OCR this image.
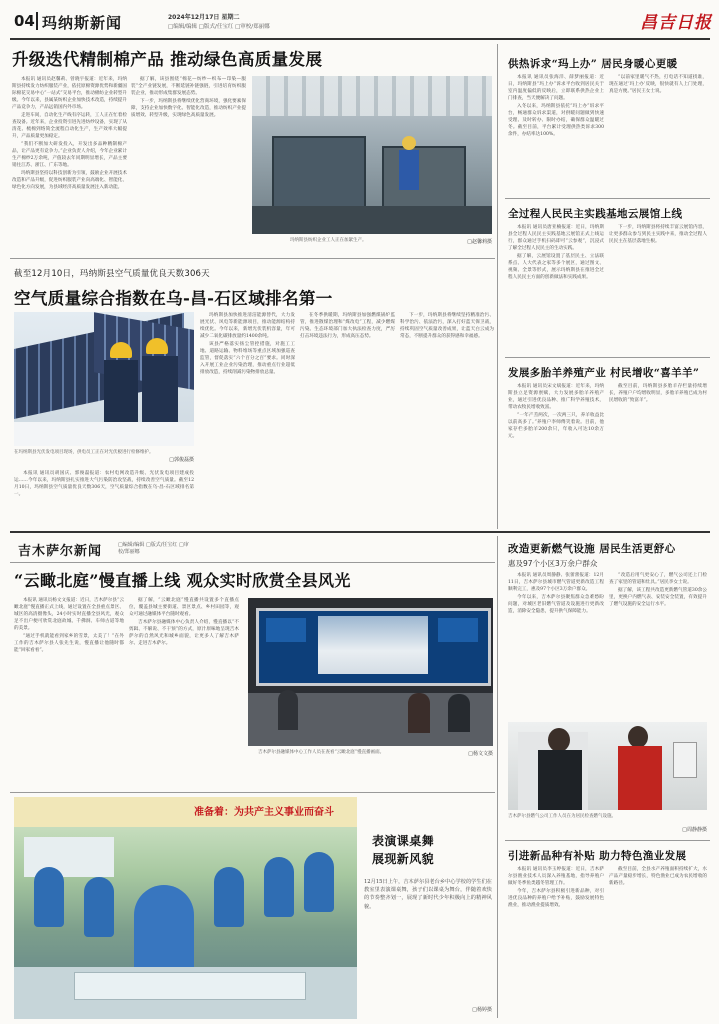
04 玛纳斯新闻	2024年12月17日 星期二
□编辑/编辑 □版式/任宝红 □审校/郑丽娜	昌吉日报
升级迭代精制棉产品 推动绿色高质量发展

本报讯 通讯员赵馨莉、曾晓宇报道：近年来，玛纳斯县持续发力纺织服装产业，依托原棉资源优势和新疆国际棉花交易中心“一站式”交易平台，推动棉纺企业转型升级。今年以来，县属某纺织企业加快技术改造，持续提升产品竞争力，产品远销国内外市场。

走进车间，自动化生产线有序运转，工人正在忙着检查设备。近年来，企业投资引进先进纺纱设备，实现了从清花、梳棉到络筒全流程自动化生产，生产效率大幅提升，产品质量更加稳定。

“我们不断加大研发投入，开发出多品种精制棉产品，让产品更有竞争力。”企业负责人介绍，今年企业累计生产棉纱2万余吨，产值较去年同期明显增长，产品主要销往江苏、浙江、广东等地。

玛纳斯县坚持以科技创新为引领，鼓励企业开展技术改造和产品升级，促进纺织服装产业向高端化、智能化、绿色化方向发展，为县域经济高质量发展注入新动能。

据了解，该县围绕“棉花—纺纱—织布—印染—服装”全产业链发展，不断延链补链强链，引进培育纺织服装企业，推动形成集群发展态势。

下一步，玛纳斯县将继续优化营商环境，强化要素保障，支持企业加快数字化、智能化改造，推动纺织产业提质增效、转型升级，实现绿色高质量发展。

玛纳斯县纺织企业工人正在加紧生产。	□赵馨莉摄
截至12月10日，玛纳斯县空气质量优良天数306天
空气质量综合指数在乌-昌-石区域排名第一
在玛纳斯县光伏发电项目现场，供电员工正在对光伏板进行检修维护。
□郭俊磊摄

本报讯 通讯员胡国庆、郭俊磊报道：农村电网改造升级、光伏发电项目建成投运……今年以来，玛纳斯县扎实推进大气污染防治攻坚战，持续改善空气质量。截至12月10日，玛纳斯县空气质量优良天数306天，空气质量综合指数在乌-昌-石区域排名第一。

玛纳斯县加快推进清洁能源替代，大力发展光伏、风电等新能源项目，推动能源结构持续优化。今年以来，新增光伏装机容量，年可减少二氧化碳排放量约1400余吨。

该县严格落实扬尘管控措施，对施工工地、道路运输、物料堆场等重点区域加强巡查监管，督促落实“六个百分之百”要求。同时深入开展工业企业污染治理，推动重点行业超低排放改造，持续削减污染物排放总量。

在冬季供暖期，玛纳斯县加强燃煤锅炉监管，推进散煤治理和“煤改电”工程，减少燃煤污染。生态环境部门加大执法检查力度，严厉打击环境违法行为，形成高压态势。

下一步，玛纳斯县将继续坚持精准治污、科学治污、依法治污，深入打好蓝天保卫战，持续巩固空气质量改善成果，让蓝天白云成为常态，不断提升群众的获得感和幸福感。

供热诉求“玛上办” 居民身暖心更暖

本报讯 通讯员张海洋、薛梦丽报道：近日，玛纳斯县“玛上办”诉求平台收到居民关于室内温度偏低的反映后，立即联系供热企业上门排查，当天便解决了问题。

入冬以来，玛纳斯县依托“玛上办”诉求平台，畅通群众诉求渠道，对供暖问题做到快速受理、及时转办、限时办结，确保群众温暖过冬。截至目前，平台累计受理供热类诉求300余件，办结率达100%。

“以前家里暖气不热，打电话不知道找谁，现在通过‘玛上办’反映，很快就有人上门处理，真是方便。”居民王女士说。

全过程人民民主实践基地云展馆上线

本报讯 通讯员唐亚楠报道：近日，玛纳斯县全过程人民民主实践基地云展馆正式上线运行，群众通过手机扫码即可“云参观”，沉浸式了解全过程人民民主的生动实践。

据了解，云展馆设置了基层民主、立法联系点、人大代表之家等多个展区，通过图文、视频、全景等形式，展示玛纳斯县在推进全过程人民民主方面的创新做法和实践成果。

下一步，玛纳斯县将持续丰富云展馆内容，让更多群众参与到民主实践中来，推动全过程人民民主在基层落地生根。

发展多胎羊养殖产业 村民增收“喜羊羊”

本报讯 通讯员宋文斌报道：近年来，玛纳斯县立足资源禀赋，大力发展多胎羊养殖产业，通过引进优良品种、推广科学养殖技术，带动农牧民增收致富。

“一年产羔两次，一次两三只，养羊收益比以前高多了。”养殖户李师傅笑着说。目前，他家存栏多胎羊200余只，年收入可达10余万元。

截至目前，玛纳斯县多胎羊存栏量持续增长，养殖户户均增收明显，多胎羊养殖已成为村民增收的“致富羊”。

吉木萨尔新闻	□编辑/编辑 □版式/任宝红 □审校/郑丽娜
“云瞰北庭”慢直播上线 观众实时欣赏全县风光

本报讯 通讯员杨文文报道：近日，吉木萨尔县“云瞰北庭”慢直播正式上线，通过设置在全县重点景区、城区的高清摄像头，24小时实时直播全县风光，观众足不出户便可欣赏北庭故城、千佛洞、车师古道等地的美景。

“通过手机就能看到家乡的雪景，太美了！”在外工作的吉木萨尔县人张先生说，慢直播让他随时都能“回家看看”。

据了解，“云瞰北庭”慢直播共设置多个直播点位，覆盖县城主要街道、景区景点、乡村田园等，观众可通过融媒体平台随时观看。

吉木萨尔县融媒体中心负责人介绍，慢直播以“不剪辑、不解说、不干预”的方式，原汁原味地呈现吉木萨尔的自然风光和城乡面貌，让更多人了解吉木萨尔、走进吉木萨尔。

吉木萨尔县融媒体中心工作人员在查看“云瞰北庭”慢直播画面。	□杨文文摄
准备着：为共产主义事业而奋斗
表演课桌舞
展现新风貌
12月15日上午，吉木萨尔县老台乡中心学校的学生们在教室里表演课桌舞，孩子们以课桌为舞台，伴随着欢快的节奏整齐划一，展现了新时代少年积极向上的精神风貌。
□杨婷摄
改造更新燃气设施 居民生活更舒心
惠及97个小区3万余户群众

本报讯 通讯员周静静、张蕾蕾报道：12月11日，吉木萨尔县城市燃气管道更新改造工程顺利完工，惠及97个小区3万余户群众。

今年以来，吉木萨尔县聚焦群众急难愁盼问题，对城区老旧燃气管道及设施进行更新改造，消除安全隐患，提升供气保障能力。

“改造后用气更安心了，燃气公司还上门检查了家里的管道和灶具。”居民李女士说。

据了解，该工程共改造更新燃气管道30余公里，更换户内燃气表、安装安全装置，有效提升了燃气设施的安全运行水平。

吉木萨尔县燃气公司工作人员在为居民检查燃气设施。
□周静静摄
引进新品种有补贴 助力特色渔业发展

本报讯 通讯员李玉婷报道：近日，吉木萨尔县渔业技术人员深入养殖基地，指导养殖户做好冬季鱼类越冬管理工作。

今年，吉木萨尔县积极引进新品种，对引进优良品种的养殖户给予补贴，鼓励发展特色渔业，推动渔业提质增效。

截至目前，全县水产养殖面积持续扩大，水产品产量稳步增长，特色渔业已成为农民增收的新路径。
